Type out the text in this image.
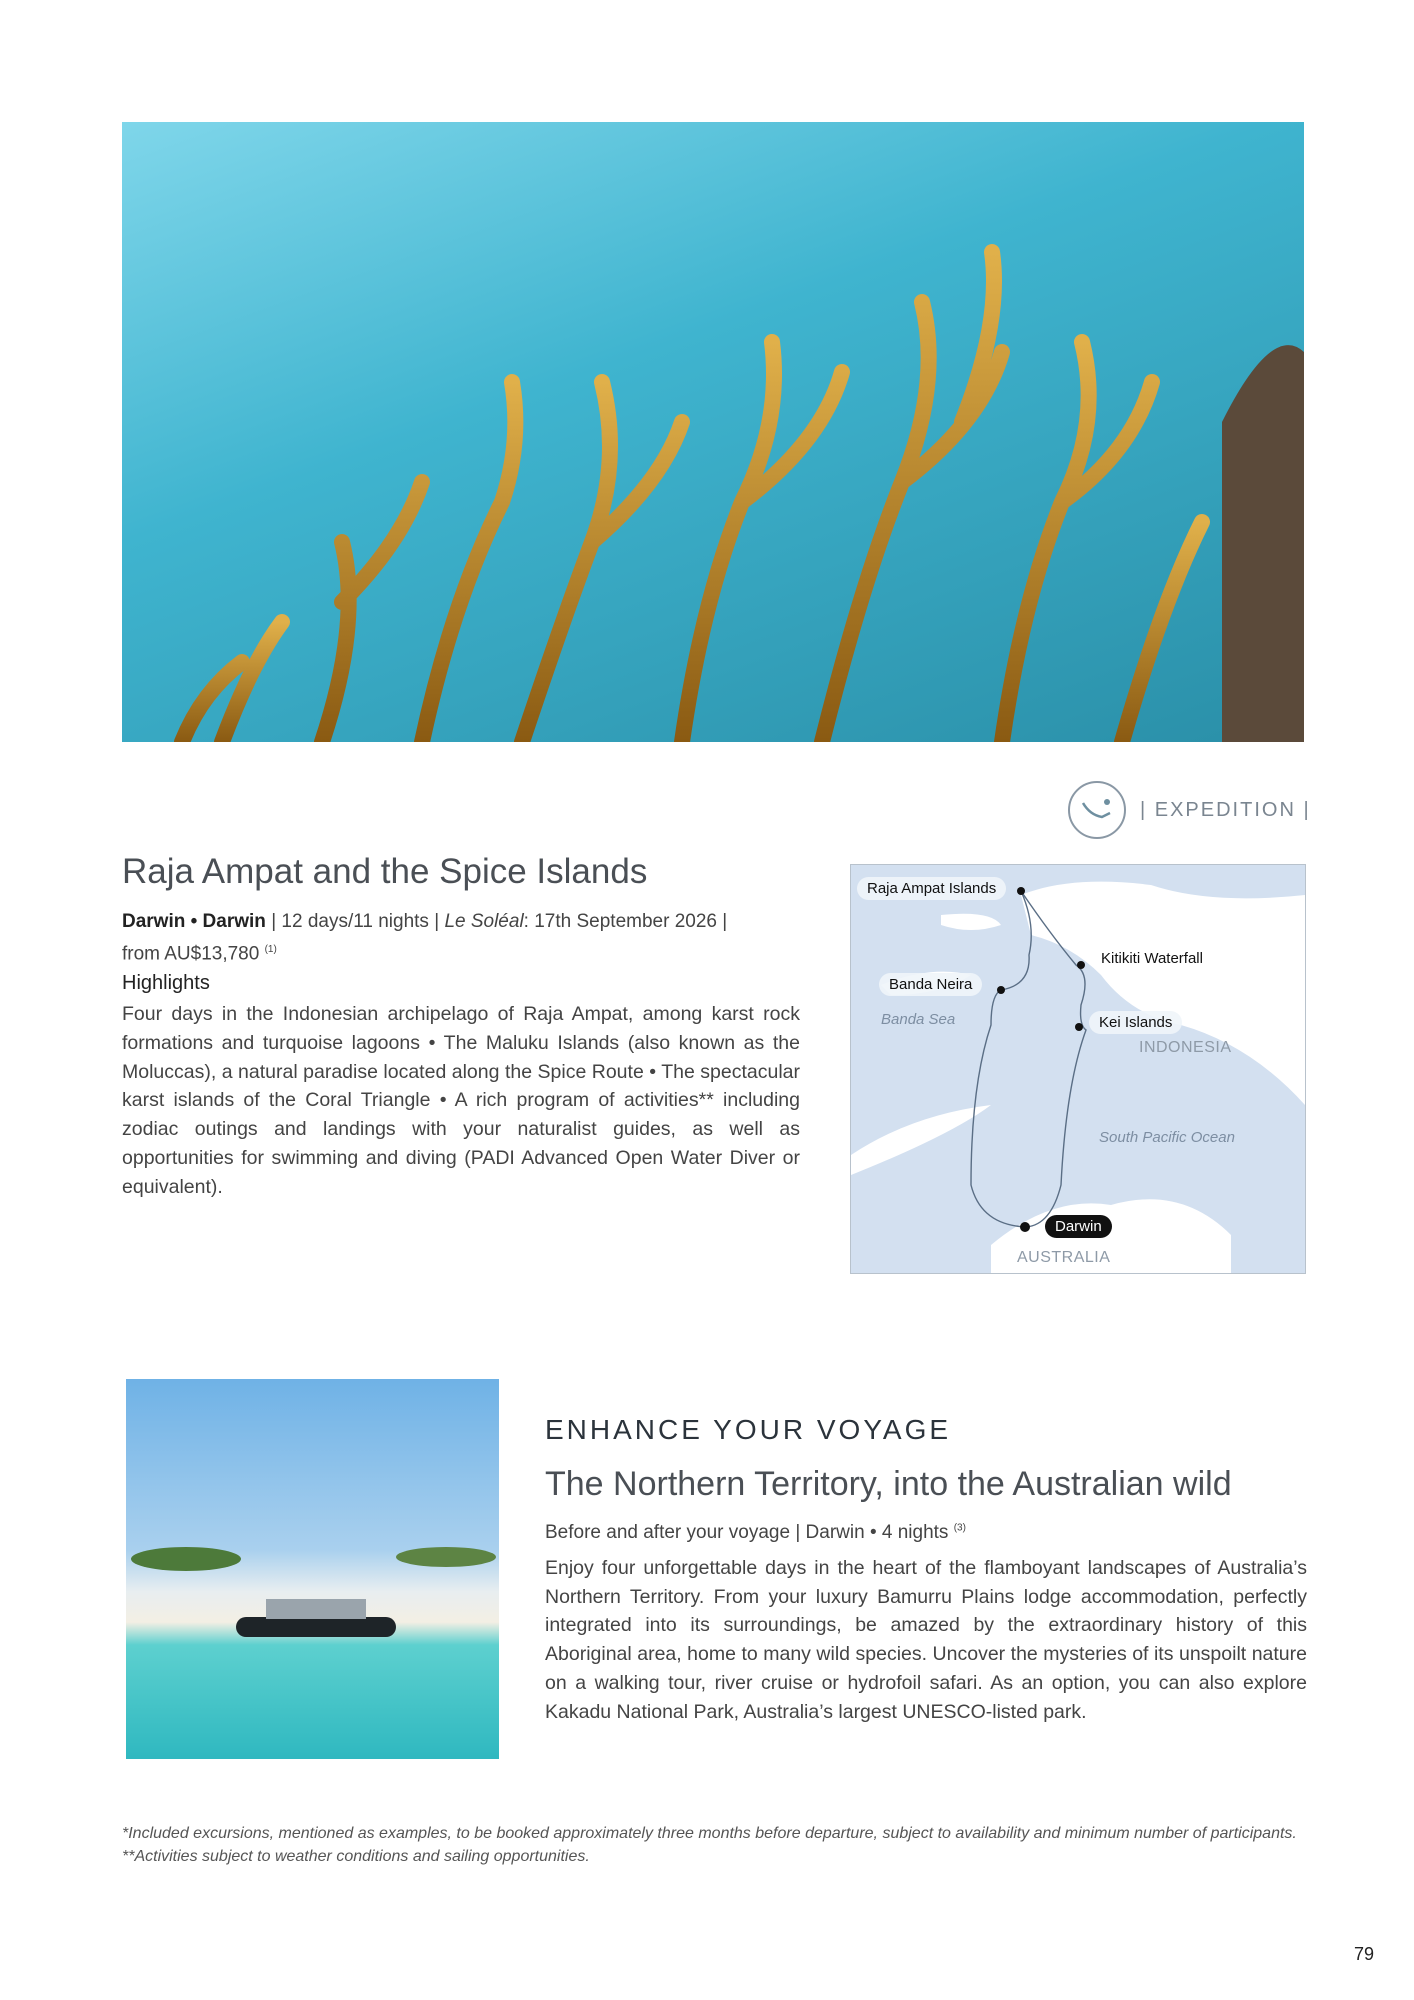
| EXPEDITION |
Raja Ampat and the Spice Islands
Darwin • Darwin | 12 days/11 nights | Le Soléal: 17th September 2026 |
from AU$13,780 $^{(1)}$
Highlights
Four days in the Indonesian archipelago of Raja Ampat, among karst rock formations and turquoise lagoons • The Maluku Islands (also known as the Moluccas), a natural paradise located along the Spice Route • The spectacular karst islands of the Coral Triangle • A rich program of activities** including zodiac outings and landings with your naturalist guides, as well as opportunities for swimming and diving (PADI Advanced Open Water Diver or equivalent).
Raja Ampat Islands
Kitikiti Waterfall
Banda Neira
Kei Islands
Darwin
Banda Sea
South Pacific Ocean
INDONESIA
AUSTRALIA
ENHANCE YOUR VOYAGE
The Northern Territory, into the Australian wild
Before and after your voyage | Darwin • 4 nights $^{(3)}$
Enjoy four unforgettable days in the heart of the flamboyant landscapes of Australia’s Northern Territory. From your luxury Bamurru Plains lodge accommodation, perfectly integrated into its surroundings, be amazed by the extraordinary history of this Aboriginal area, home to many wild species. Uncover the mysteries of its unspoilt nature on a walking tour, river cruise or hydrofoil safari. As an option, you can also explore Kakadu National Park, Australia’s largest UNESCO-listed park.
*Included excursions, mentioned as examples, to be booked approximately three months before departure, subject to availability and minimum number of participants.
**Activities subject to weather conditions and sailing opportunities.
79
